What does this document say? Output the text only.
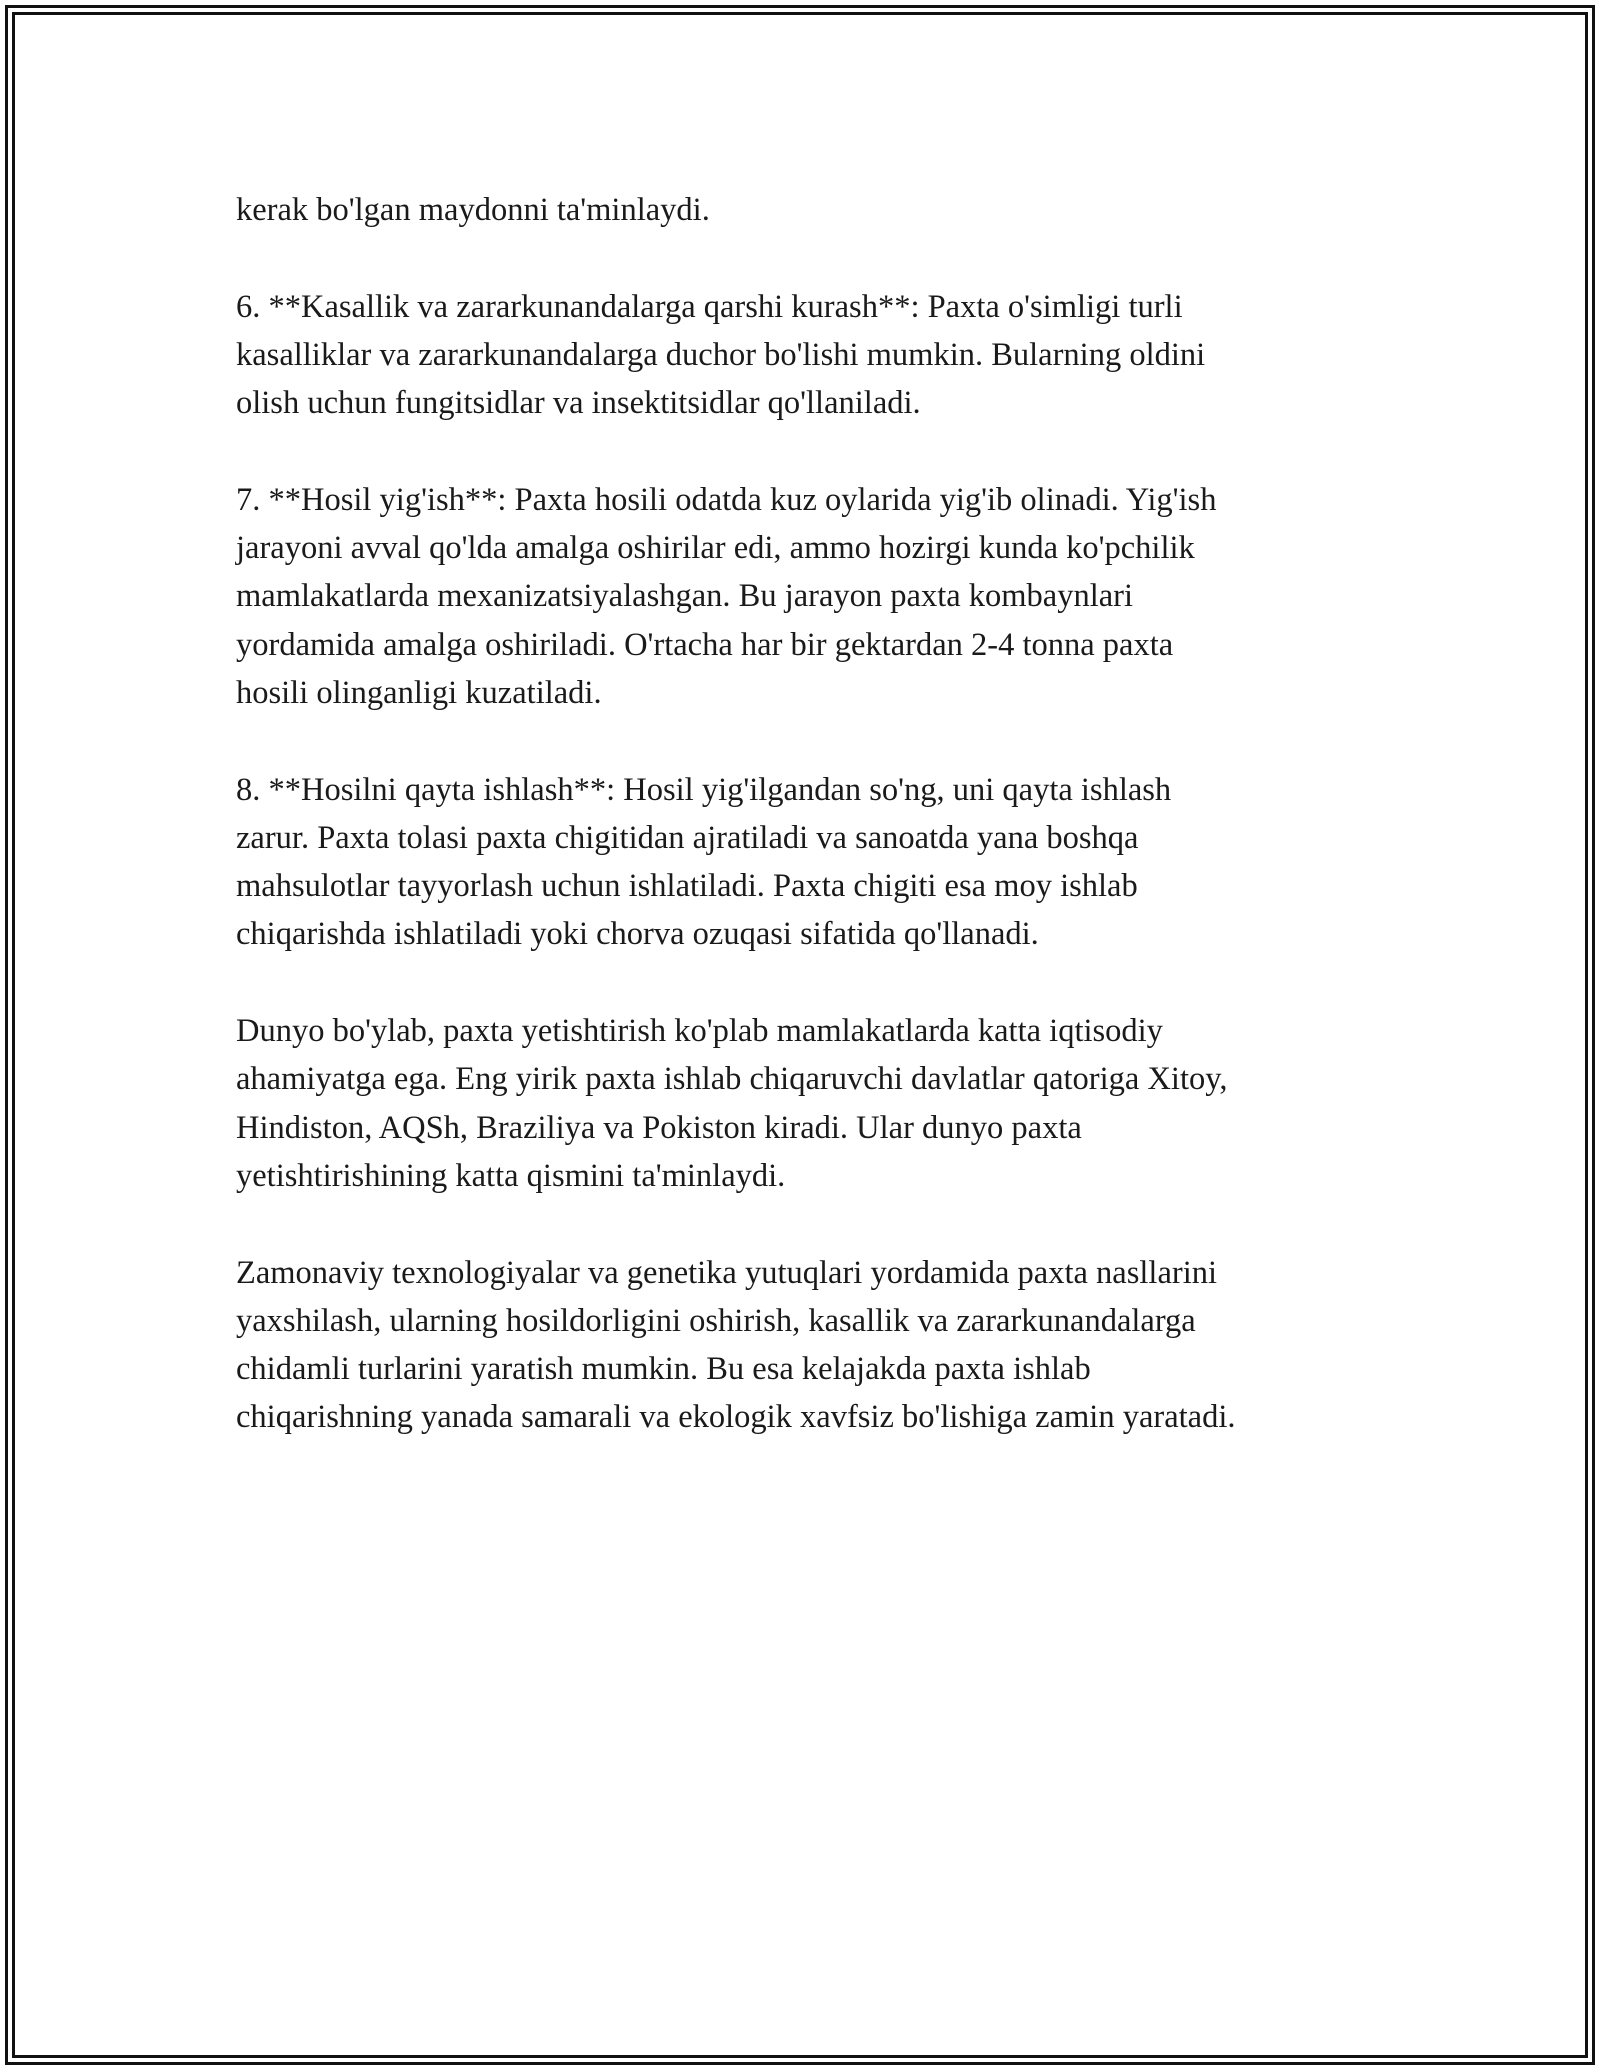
kerak bo'lgan maydonni ta'minlaydi.

6. **Kasallik va zararkunandalarga qarshi kurash**: Paxta o'simligi turli
kasalliklar va zararkunandalarga duchor bo'lishi mumkin. Bularning oldini
olish uchun fungitsidlar va insektitsidlar qo'llaniladi.

7. **Hosil yig'ish**: Paxta hosili odatda kuz oylarida yig'ib olinadi. Yig'ish
jarayoni avval qo'lda amalga oshirilar edi, ammo hozirgi kunda ko'pchilik
mamlakatlarda mexanizatsiyalashgan. Bu jarayon paxta kombaynlari
yordamida amalga oshiriladi. O'rtacha har bir gektardan 2-4 tonna paxta
hosili olinganligi kuzatiladi.

8. **Hosilni qayta ishlash**: Hosil yig'ilgandan so'ng, uni qayta ishlash
zarur. Paxta tolasi paxta chigitidan ajratiladi va sanoatda yana boshqa
mahsulotlar tayyorlash uchun ishlatiladi. Paxta chigiti esa moy ishlab
chiqarishda ishlatiladi yoki chorva ozuqasi sifatida qo'llanadi.

Dunyo bo'ylab, paxta yetishtirish ko'plab mamlakatlarda katta iqtisodiy
ahamiyatga ega. Eng yirik paxta ishlab chiqaruvchi davlatlar qatoriga Xitoy,
Hindiston, AQSh, Braziliya va Pokiston kiradi. Ular dunyo paxta
yetishtirishining katta qismini ta'minlaydi.

Zamonaviy texnologiyalar va genetika yutuqlari yordamida paxta nasllarini
yaxshilash, ularning hosildorligini oshirish, kasallik va zararkunandalarga
chidamli turlarini yaratish mumkin. Bu esa kelajakda paxta ishlab
chiqarishning yanada samarali va ekologik xavfsiz bo'lishiga zamin yaratadi.
